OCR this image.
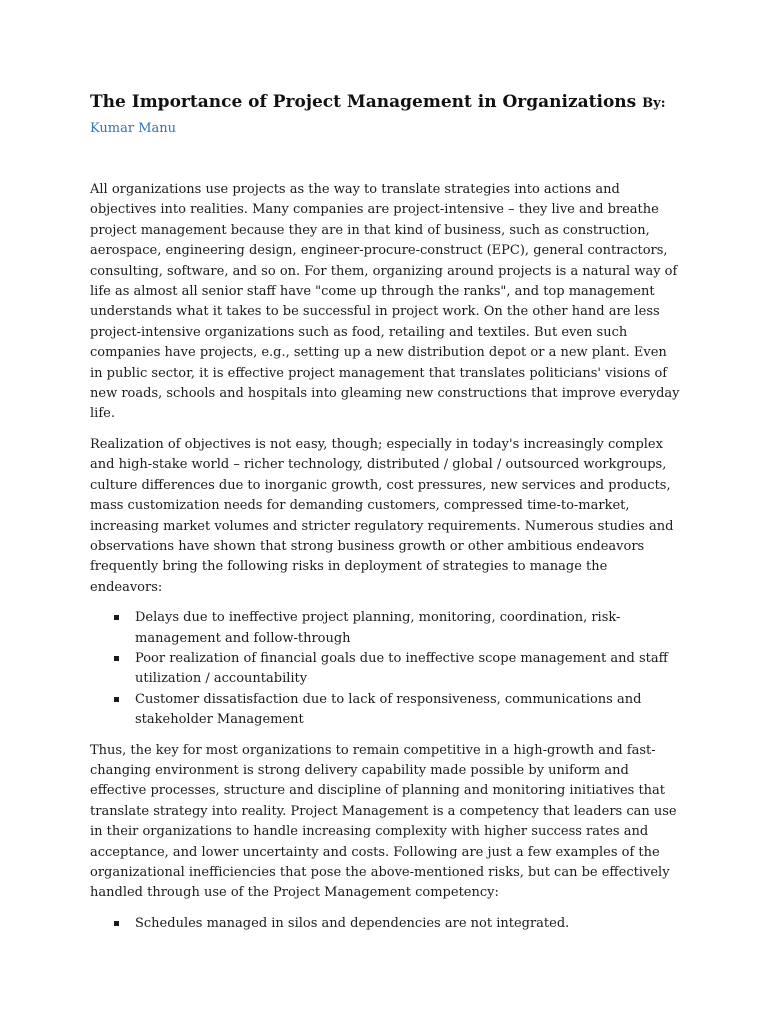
The Importance of Project Management in Organizations By:

Kumar Manu

All organizations use projects as the way to translate strategies into actions and objectives into realities. Many companies are project-intensive – they live and breathe project management because they are in that kind of business, such as construction, aerospace, engineering design, engineer-procure-construct (EPC), general contractors, consulting, software, and so on. For them, organizing around projects is a natural way of life as almost all senior staff have "come up through the ranks", and top management understands what it takes to be successful in project work. On the other hand are less project-intensive organizations such as food, retailing and textiles. But even such companies have projects, e.g., setting up a new distribution depot or a new plant. Even in public sector, it is effective project management that translates politicians' visions of new roads, schools and hospitals into gleaming new constructions that improve everyday life.

Realization of objectives is not easy, though; especially in today's increasingly complex and high-stake world – richer technology, distributed / global / outsourced workgroups, culture differences due to inorganic growth, cost pressures, new services and products, mass customization needs for demanding customers, compressed time-to-market, increasing market volumes and stricter regulatory requirements. Numerous studies and observations have shown that strong business growth or other ambitious endeavors frequently bring the following risks in deployment of strategies to manage the endeavors:

Delays due to ineffective project planning, monitoring, coordination, risk-management and follow-through
Poor realization of financial goals due to ineffective scope management and staff utilization / accountability
Customer dissatisfaction due to lack of responsiveness, communications and stakeholder Management

Thus, the key for most organizations to remain competitive in a high-growth and fast-changing environment is strong delivery capability made possible by uniform and effective processes, structure and discipline of planning and monitoring initiatives that translate strategy into reality. Project Management is a competency that leaders can use in their organizations to handle increasing complexity with higher success rates and acceptance, and lower uncertainty and costs. Following are just a few examples of the organizational inefficiencies that pose the above-mentioned risks, but can be effectively handled through use of the Project Management competency:

Schedules managed in silos and dependencies are not integrated.
